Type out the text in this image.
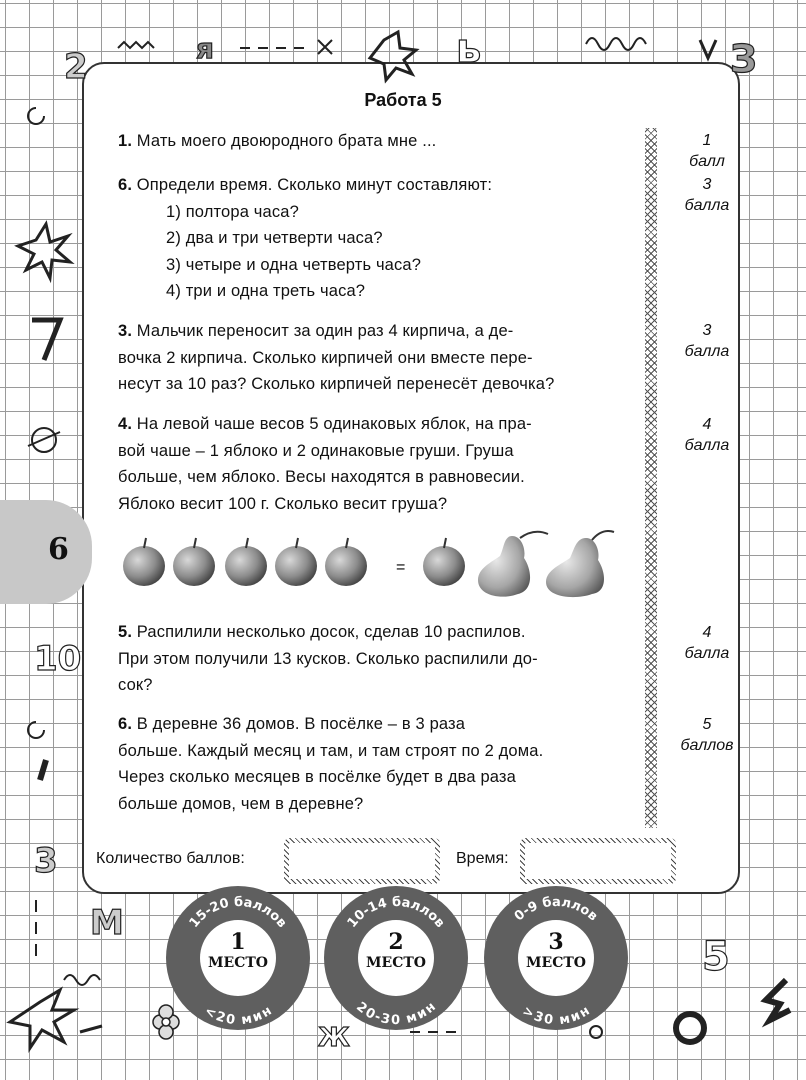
6
я	ь	З
2
10
3
М
5
Ж
Работа 5

1. Мать моего двоюродного брата мне ...	1
балл

6. Определи время. Сколько минут составляют:

1) полтора часа?

2) два и три четверти часа?

3) четыре и одна четверть часа?

4) три и одна треть часа?

3
балла

3. Мальчик переносит за один раз 4 кирпича, а де-

вочка 2 кирпича. Сколько кирпичей они вместе пере-

несут за 10 раз? Сколько кирпичей перенесёт девочка?

3
балла

4. На левой чаше весов 5 одинаковых яблок, на пра-

вой чаше – 1 яблоко и 2 одинаковые груши. Груша

больше, чем яблоко. Весы находятся в равновесии.

Яблоко весит 100 г. Сколько весит груша?

4
балла
=

5. Распилили несколько досок, сделав 10 распилов.

При этом получили 13 кусков. Сколько распилили до-

сок?

4
балла

6. В деревне 36 домов. В посёлке – в 3 раза

больше. Каждый месяц и там, и там строят по 2 дома.

Через сколько месяцев в посёлке будет в два раза

больше домов, чем в деревне?

5
баллов
Количество баллов:	Время:
15-20 баллов
<20 мин
1
МЕСТО
10-14 баллов
20-30 мин
2
МЕСТО
0-9 баллов
>30 мин
3
МЕСТО
